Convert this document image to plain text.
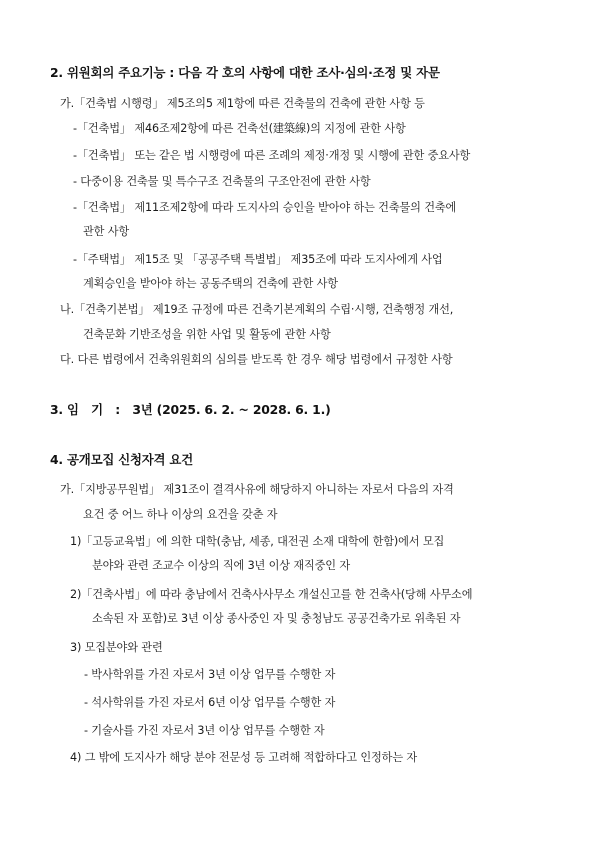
2. 위원회의 주요기능 : 다음 각 호의 사항에 대한 조사·심의·조정 및 자문
가.「건축법 시행령」 제5조의5 제1항에 따른 건축물의 건축에 관한 사항 등
-「건축법」 제46조제2항에 따른 건축선(建築線)의 지정에 관한 사항
-「건축법」 또는 같은 법 시행령에 따른 조례의 제정·개정 및 시행에 관한 중요사항
- 다중이용 건축물 및 특수구조 건축물의 구조안전에 관한 사항
-「건축법」 제11조제2항에 따라 도지사의 승인을 받아야 하는 건축물의 건축에
관한 사항
-「주택법」 제15조 및 「공공주택 특별법」 제35조에 따라 도지사에게 사업
계획승인을 받아야 하는 공동주택의 건축에 관한 사항
나.「건축기본법」 제19조 규정에 따른 건축기본계획의 수립·시행, 건축행정 개선,
건축문화 기반조성을 위한 사업 및 활동에 관한 사항
다. 다른 법령에서 건축위원회의 심의를 받도록 한 경우 해당 법령에서 규정한 사항
3. 임   기   :   3년 (2025. 6. 2. ~ 2028. 6. 1.)
4. 공개모집 신청자격 요건
가.「지방공무원법」 제31조이 결격사유에 해당하지 아니하는 자로서 다음의 자격
요건 중 어느 하나 이상의 요건을 갖춘 자
1)「고등교육법」에 의한 대학(충남, 세종, 대전권 소재 대학에 한함)에서 모집
분야와 관련 조교수 이상의 직에 3년 이상 재직중인 자
2)「건축사법」에 따라 충남에서 건축사사무소 개설신고를 한 건축사(당해 사무소에
소속된 자 포함)로 3년 이상 종사중인 자 및 충청남도 공공건축가로 위촉된 자
3) 모집분야와 관련
- 박사학위를 가진 자로서 3년 이상 업무를 수행한 자
- 석사학위를 가진 자로서 6년 이상 업무를 수행한 자
- 기술사를 가진 자로서 3년 이상 업무를 수행한 자
4) 그 밖에 도지사가 해당 분야 전문성 등 고려해 적합하다고 인정하는 자
